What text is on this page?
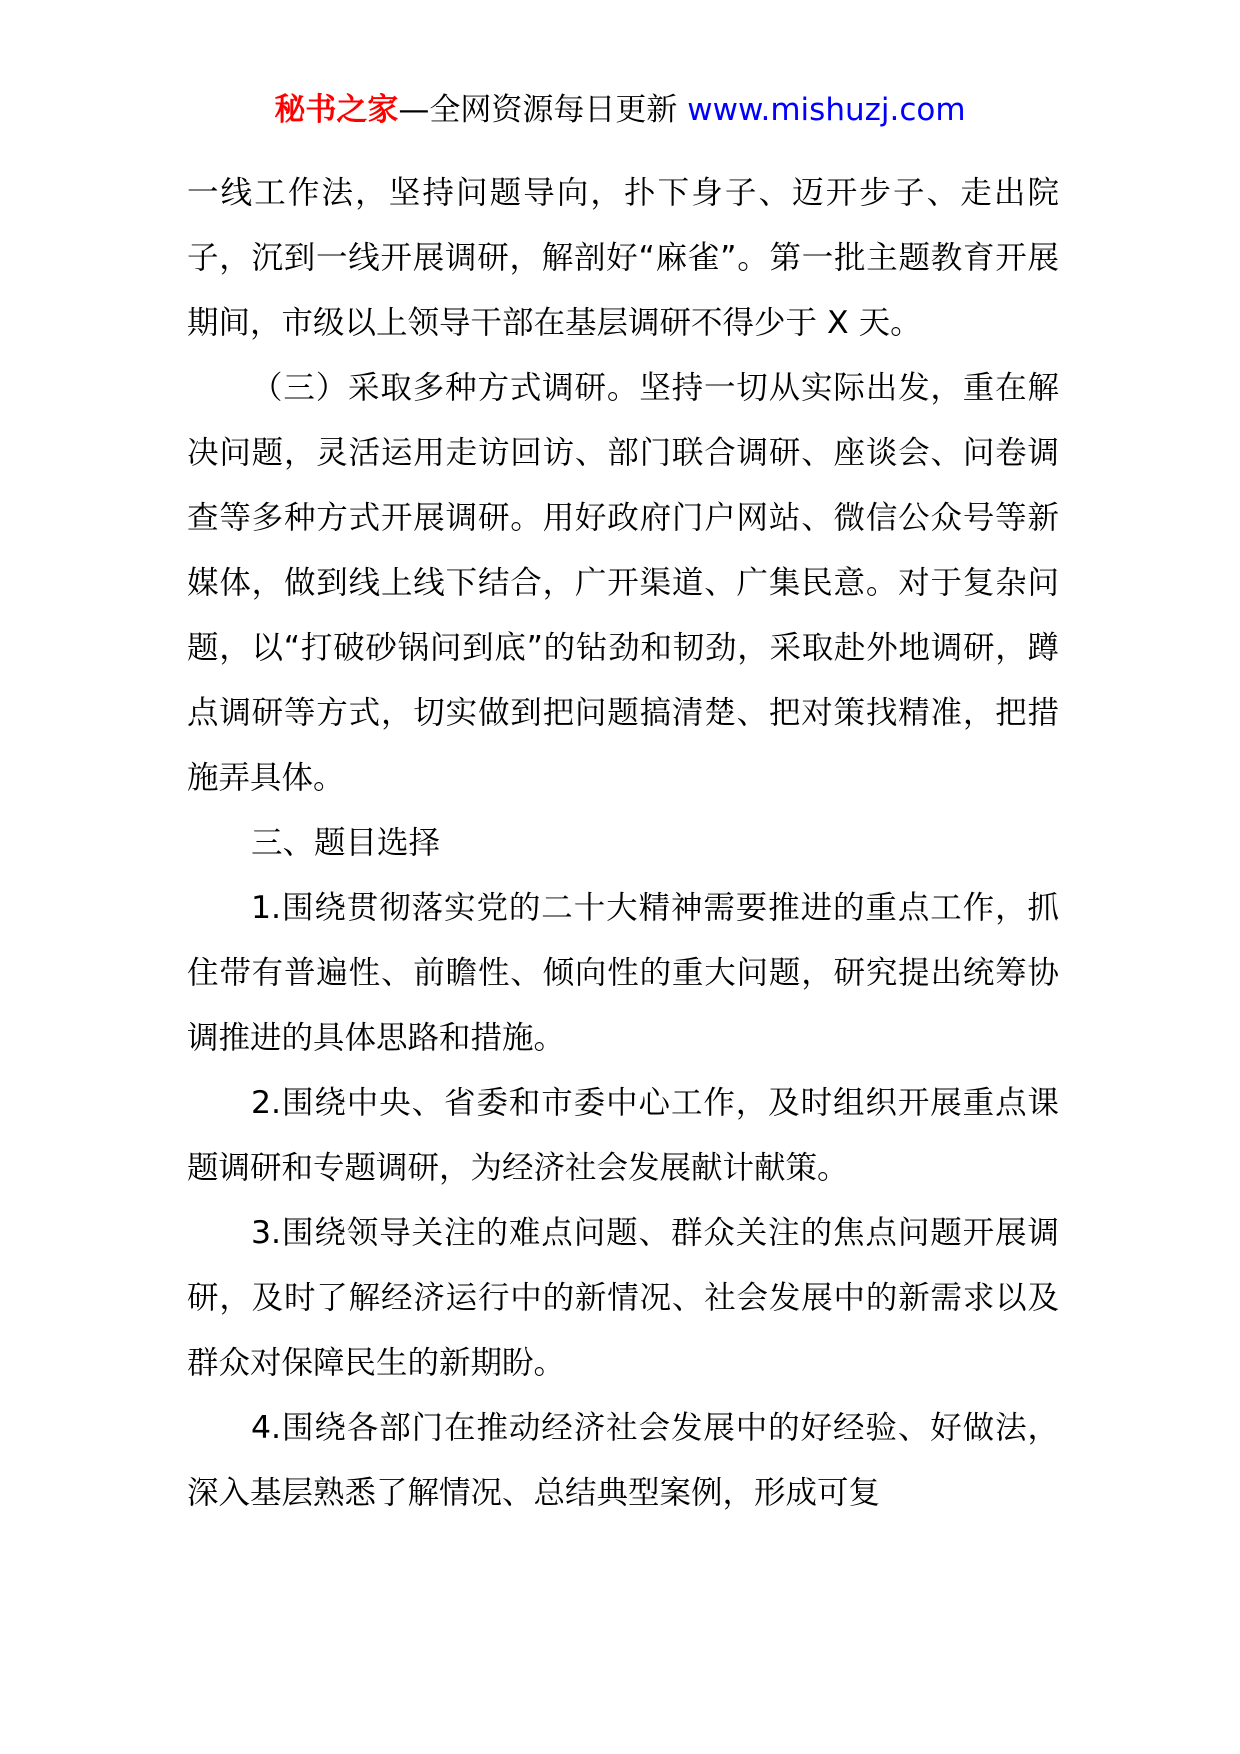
秘书之家—全网资源每日更新 www.mishuzj.com

一线工作法，坚持问题导向，扑下身子、迈开步子、走出院子，沉到一线开展调研，解剖好“麻雀”。第一批主题教育开展期间，市级以上领导干部在基层调研不得少于 X 天。

（三）采取多种方式调研。坚持一切从实际出发，重在解决问题，灵活运用走访回访、部门联合调研、座谈会、问卷调查等多种方式开展调研。用好政府门户网站、微信公众号等新媒体，做到线上线下结合，广开渠道、广集民意。对于复杂问题，以“打破砂锅问到底”的钻劲和韧劲，采取赴外地调研，蹲点调研等方式，切实做到把问题搞清楚、把对策找精准，把措施弄具体。

三、题目选择

1.围绕贯彻落实党的二十大精神需要推进的重点工作，抓住带有普遍性、前瞻性、倾向性的重大问题，研究提出统筹协调推进的具体思路和措施。

2.围绕中央、省委和市委中心工作，及时组织开展重点课题调研和专题调研，为经济社会发展献计献策。

3.围绕领导关注的难点问题、群众关注的焦点问题开展调研，及时了解经济运行中的新情况、社会发展中的新需求以及群众对保障民生的新期盼。

4.围绕各部门在推动经济社会发展中的好经验、好做法，深入基层熟悉了解情况、总结典型案例，形成可复
